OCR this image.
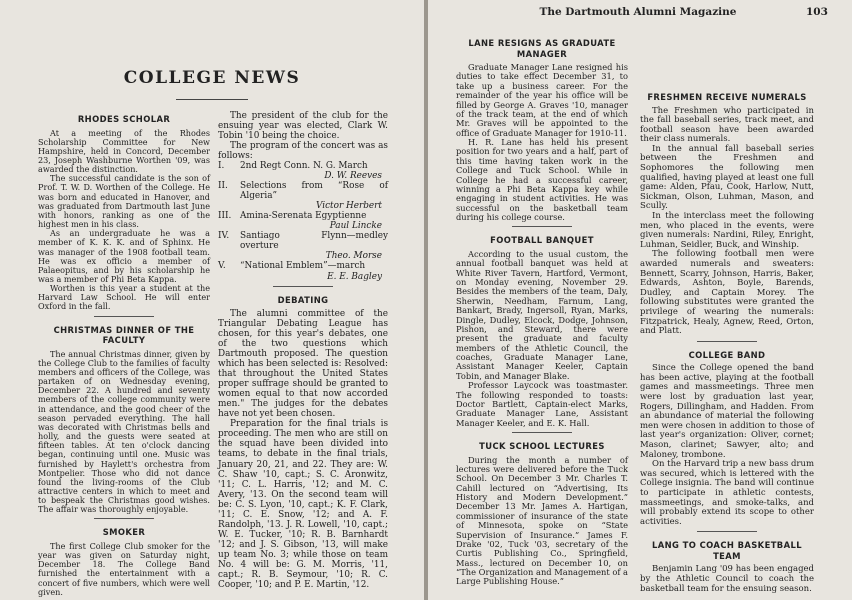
COLLEGE NEWS
The Dartmouth Alumni Magazine	103
RHODES SCHOLAR

At a meeting of the Rhodes Scholarship Committee for New Hampshire, held in Concord, December 23, Joseph Washburne Worthen '09, was awarded the distinction.

The successful candidate is the son of Prof. T. W. D. Worthen of the College. He was born and educated in Hanover, and was graduated from Dartmouth last June with honors, ranking as one of the highest men in his class.

As an undergraduate he was a member of K. K. K. and of Sphinx. He was manager of the 1908 football team. He was ex officio a member of Palaeopitus, and by his scholarship he was a member of Phi Beta Kappa.

Worthen is this year a student at the Harvard Law School. He will enter Oxford in the fall.

CHRISTMAS DINNER OF THE FACULTY

The annual Christmas dinner, given by the College Club to the families of faculty members and officers of the College, was partaken of on Wednesday evening, December 22. A hundred and seventy members of the college community were in attendance, and the good cheer of the season pervaded everything. The hall was decorated with Christmas bells and holly, and the guests were seated at fifteen tables. At ten o'clock dancing began, continuing until one. Music was furnished by Haylett's orchestra from Montpelier. Those who did not dance found the living-rooms of the Club attractive centers in which to meet and to bespeak the Christmas good wishes. The affair was thoroughly enjoyable.

SMOKER

The first College Club smoker for the year was given on Saturday night, December 18. The College Band furnished the entertainment with a concert of five numbers, which were well given.

The president of the club for the ensuing year was elected, Clark W. Tobin '10 being the choice.

The program of the concert was as follows:

I.	2nd Regt Conn. N. G. March
D. W. Reeves
II.	Selections from “Rose of Algeria”
Victor Herbert
III. Amina-Serenata Egyptienne
Paul Lincke
IV.	Santiago Flynn—medley overture
Theo. Morse
V.	“National Emblem”—march
E. E. Bagley
DEBATING

The alumni committee of the Triangular Debating League has chosen, for this year's debates, one of the two questions which Dartmouth proposed. The question which has been selected is: Resolved: that throughout the United States proper suffrage should be granted to women equal to that now accorded men." The judges for the debates have not yet been chosen.

Preparation for the final trials is proceeding. The men who are still on the squad have been divided into teams, to debate in the final trials, January 20, 21, and 22. They are: W. C. Shaw '10, capt.; S. C. Aronwitz, '11; C. L. Harris, '12; and M. C. Avery, '13. On the second team will be: C. S. Lyon, '10, capt.; K. F. Clark, '11; C. E. Snow, '12; and A. F. Randolph, '13. J. R. Lowell, '10, capt.; W. E. Tucker, '10; R. B. Barnhardt '12; and J. S. Gibson, '13, will make up team No. 3; while those on team No. 4 will be: G. M. Morris, '11, capt.; R. B. Seymour, '10; R. C. Cooper, '10; and P. E. Martin, '12.

LANE RESIGNS AS GRADUATE MANAGER

Graduate Manager Lane resigned his duties to take effect December 31, to take up a business career. For the remainder of the year his office will be filled by George A. Graves '10, manager of the track team, at the end of which Mr. Graves will be appointed to the office of Graduate Manager for 1910-11.

H. R. Lane has held his present position for two years and a half, part of this time having taken work in the College and Tuck School. While in College he had a successful career, winning a Phi Beta Kappa key while engaging in student activities. He was successful on the basketball team during his college course.

FOOTBALL BANQUET

According to the usual custom, the annual football banquet was held at White River Tavern, Hartford, Vermont, on Monday evening, November 29. Besides the members of the team, Daly, Sherwin, Needham, Farnum, Lang, Bankart, Brady, Ingersoll, Ryan, Marks, Dingle, Dudley, Elcock, Dodge, Johnson, Pishon, and Steward, there were present the graduate and faculty members of the Athletic Council, the coaches, Graduate Manager Lane, Assistant Manager Keeler, Captain Tobin, and Manager Blake.

Professor Laycock was toastmaster. The following responded to toasts: Doctor Bartlett, Captain-elect Marks, Graduate Manager Lane, Assistant Manager Keeler, and E. K. Hall.

TUCK SCHOOL LECTURES

During the month a number of lectures were delivered before the Tuck School. On December 3 Mr. Charles T. Cahill lectured on “Advertising, Its History and Modern Development.” December 13 Mr. James A. Hartigan, commissioner of insurance of the state of Minnesota, spoke on “State Supervision of Insurance.” James F. Drake '02, Tuck '03, secretary of the Curtis Publishing Co., Springfield, Mass., lectured on December 10, on “The Organization and Management of a Large Publishing House.”

FRESHMEN RECEIVE NUMERALS

The Freshmen who participated in the fall baseball series, track meet, and football season have been awarded their class numerals.

In the annual fall baseball series between the Freshmen and Sophomores the following men qualified, having played at least one full game: Alden, Pfau, Cook, Harlow, Nutt, Sickman, Olson, Luhman, Mason, and Scully.

In the interclass meet the following men, who placed in the events, were given numerals: Nardini, Riley, Enright, Luhman, Seidler, Buck, and Winship.

The following football men were awarded numerals and sweaters: Bennett, Scarry, Johnson, Harris, Baker, Edwards, Ashton, Boyle, Barends, Dudley, and Captain Morey. The following substitutes were granted the privilege of wearing the numerals: Fitzpatrick, Healy, Agnew, Reed, Orton, and Platt.

COLLEGE BAND

Since the College opened the band has been active, playing at the football games and massmeetings. Three men were lost by graduation last year, Rogers, Dillingham, and Hadden. From an abundance of material the following men were chosen in addition to those of last year's organization: Oliver, cornet; Mason, clarinet; Sawyer, alto; and Maloney, trombone.

On the Harvard trip a new bass drum was secured, which is lettered with the College insignia. The band will continue to participate in athletic contests, massmeetings, and smoke-talks, and will probably extend its scope to other activities.

LANG TO COACH BASKETBALL TEAM

Benjamin Lang '09 has been engaged by the Athletic Council to coach the basketball team for the ensuing season.
